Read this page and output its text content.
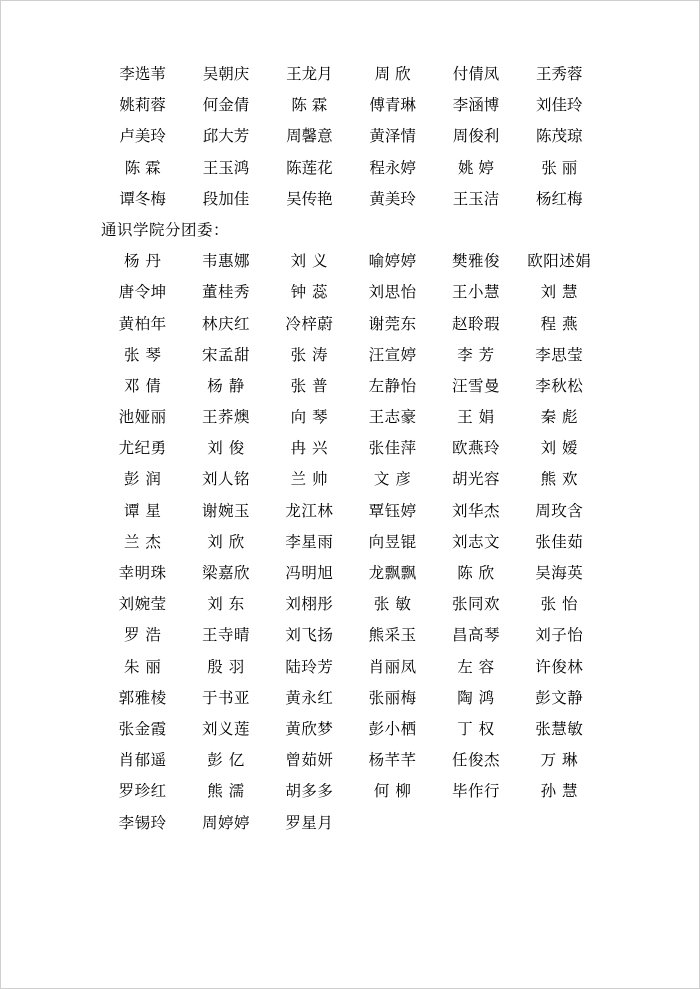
李选苇	吴朝庆	王龙月	周 欣	付倩凤	王秀蓉
姚莉蓉	何金倩	陈 霖	傅青琳	李涵博	刘佳玲
卢美玲	邱大芳	周馨意	黄泽情	周俊利	陈茂琼
陈 霖	王玉鸿	陈莲花	程永婷	姚 婷	张 丽
谭冬梅	段加佳	吴传艳	黄美玲	王玉洁	杨红梅
通识学院分团委：
杨 丹	韦惠娜	刘 义	喻婷婷	樊雅俊	欧阳述娟
唐令坤	董桂秀	钟 蕊	刘思怡	王小慧	刘 慧
黄柏年	林庆红	冷梓蔚	谢莞东	赵聆瑕	程 燕
张 琴	宋孟甜	张 涛	汪宣婷	李 芳	李思莹
邓 倩	杨 静	张 普	左静怡	汪雪曼	李秋松
池娅丽	王荞燠	向 琴	王志豪	王 娟	秦 彪
尤纪勇	刘 俊	冉 兴	张佳萍	欧燕玲	刘 嫒
彭 润	刘人铭	兰 帅	文 彦	胡光容	熊 欢
谭 星	谢婉玉	龙江林	覃钰婷	刘华杰	周玫含
兰 杰	刘 欣	李星雨	向昱锟	刘志文	张佳茹
幸明珠	梁嘉欣	冯明旭	龙飘飘	陈 欣	吴海英
刘婉莹	刘 东	刘栩彤	张 敏	张同欢	张 怡
罗 浩	王寺晴	刘飞扬	熊采玉	昌高琴	刘子怡
朱 丽	殷 羽	陆玲芳	肖丽凤	左 容	许俊林
郭雅棱	于书亚	黄永红	张丽梅	陶 鸿	彭文静
张金霞	刘义莲	黄欣梦	彭小栖	丁 权	张慧敏
肖郁遥	彭 亿	曾茹妍	杨芊芊	任俊杰	万 琳
罗珍红	熊 濡	胡多多	何 柳	毕作行	孙 慧
李锡玲	周婷婷	罗星月
